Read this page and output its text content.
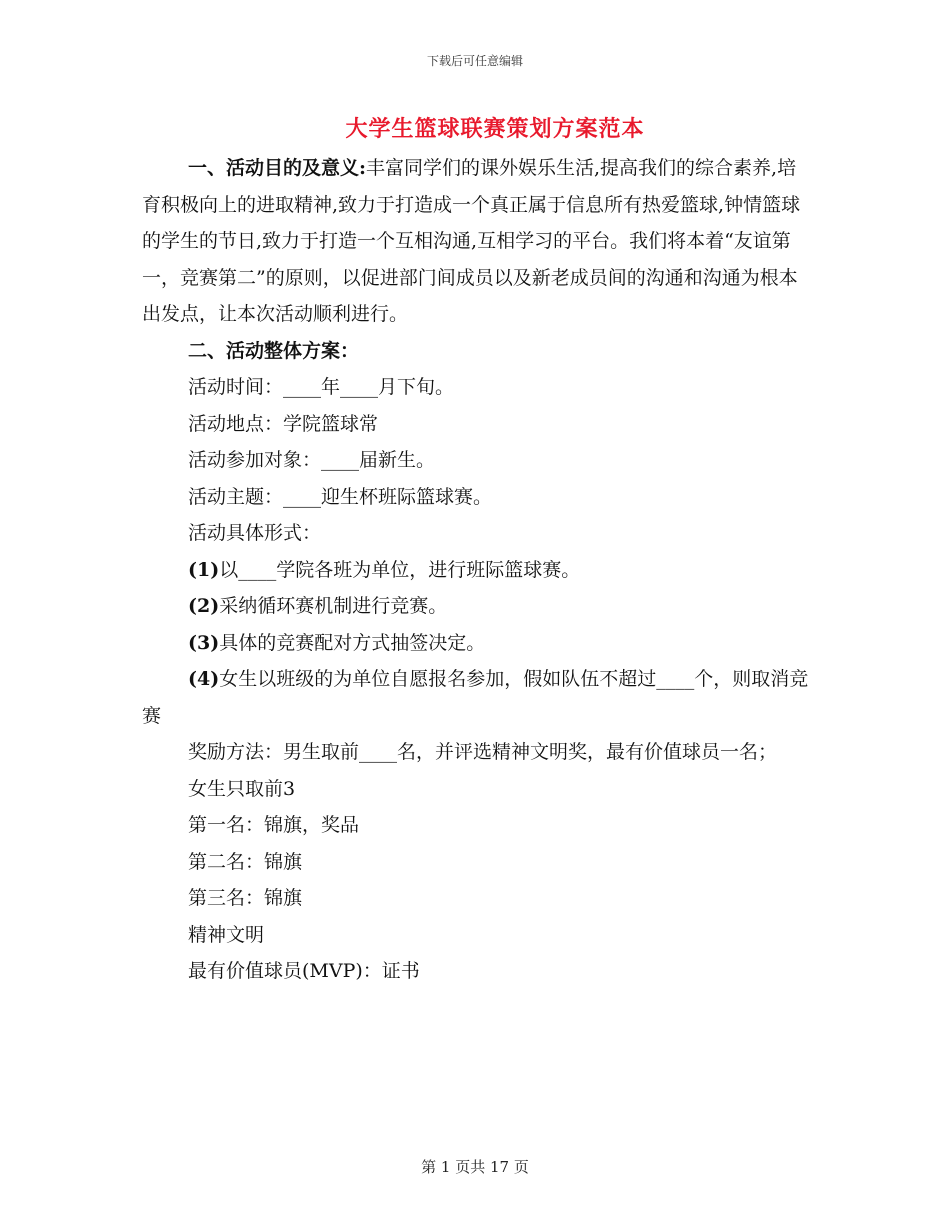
下载后可任意编辑
大学生篮球联赛策划方案范本

一、活动目的及意义:丰富同学们的课外娱乐生活,提高我们的综合素养,培育积极向上的进取精神,致力于打造成一个真正属于信息所有热爱篮球,钟情篮球的学生的节日,致力于打造一个互相沟通,互相学习的平台。我们将本着“友谊第一，竞赛第二”的原则，以促进部门间成员以及新老成员间的沟通和沟通为根本出发点，让本次活动顺利进行。

二、活动整体方案：

活动时间：____年____月下旬。

活动地点：学院篮球常

活动参加对象：____届新生。

活动主题：____迎生杯班际篮球赛。

活动具体形式：

(1)以____学院各班为单位，进行班际篮球赛。

(2)采纳循环赛机制进行竞赛。

(3)具体的竞赛配对方式抽签决定。

(4)女生以班级的为单位自愿报名参加，假如队伍不超过____个，则取消竞赛

奖励方法：男生取前____名，并评选精神文明奖，最有价值球员一名；

女生只取前3

第一名：锦旗，奖品

第二名：锦旗

第三名：锦旗

精神文明

最有价值球员(MVP)：证书

第 1 页共 17 页
